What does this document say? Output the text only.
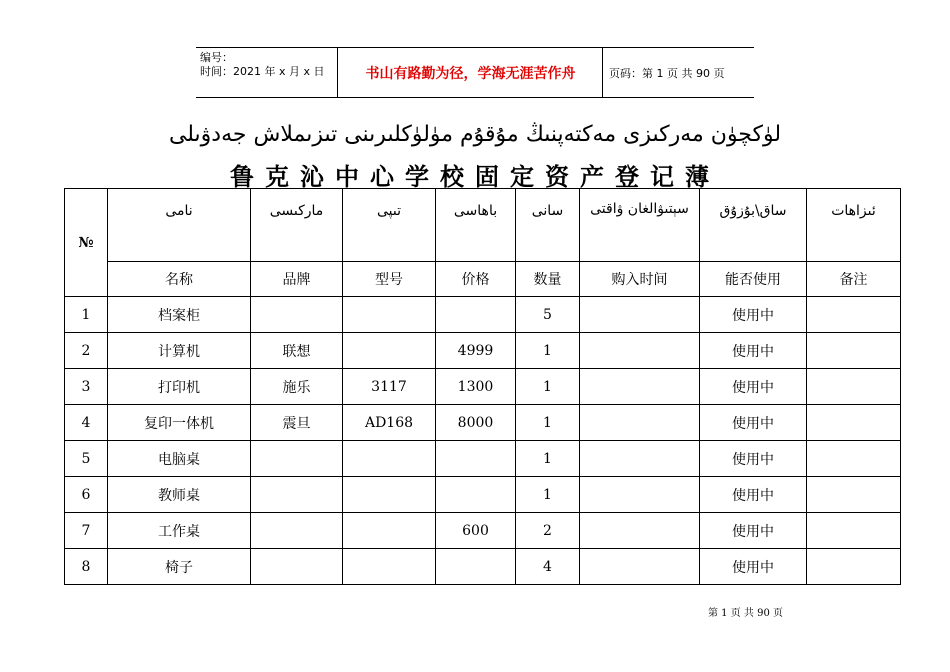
编号：
时间：2021 年 x 月 x 日	书山有路勤为径，学海无涯苦作舟	页码：第 1 页 共 90 页
لۈكچۈن مەركىزى مەكتەپنىڭ مۇقۇم مۈلۈكلىرىنى تىزىملاش جەدۋىلى
鲁克沁中心学校固定资产登记薄
№	نامى	ماركىسى	تىپى	باھاسى	سانى	سېتىۋالغان ۋاقتى	ساق\بۇزۇق	ئىزاھات
	名称	品牌	型号	价格	数量	购入时间	能否使用	备注
1	档案柜				5		使用中	
2	计算机	联想		4999	1		使用中	
3	打印机	施乐	3117	1300	1		使用中	
4	复印一体机	震旦	AD168	8000	1		使用中	
5	电脑桌				1		使用中	
6	教师桌				1		使用中	
7	工作桌			600	2		使用中	
8	椅子				4		使用中	
第 1 页 共 90 页
